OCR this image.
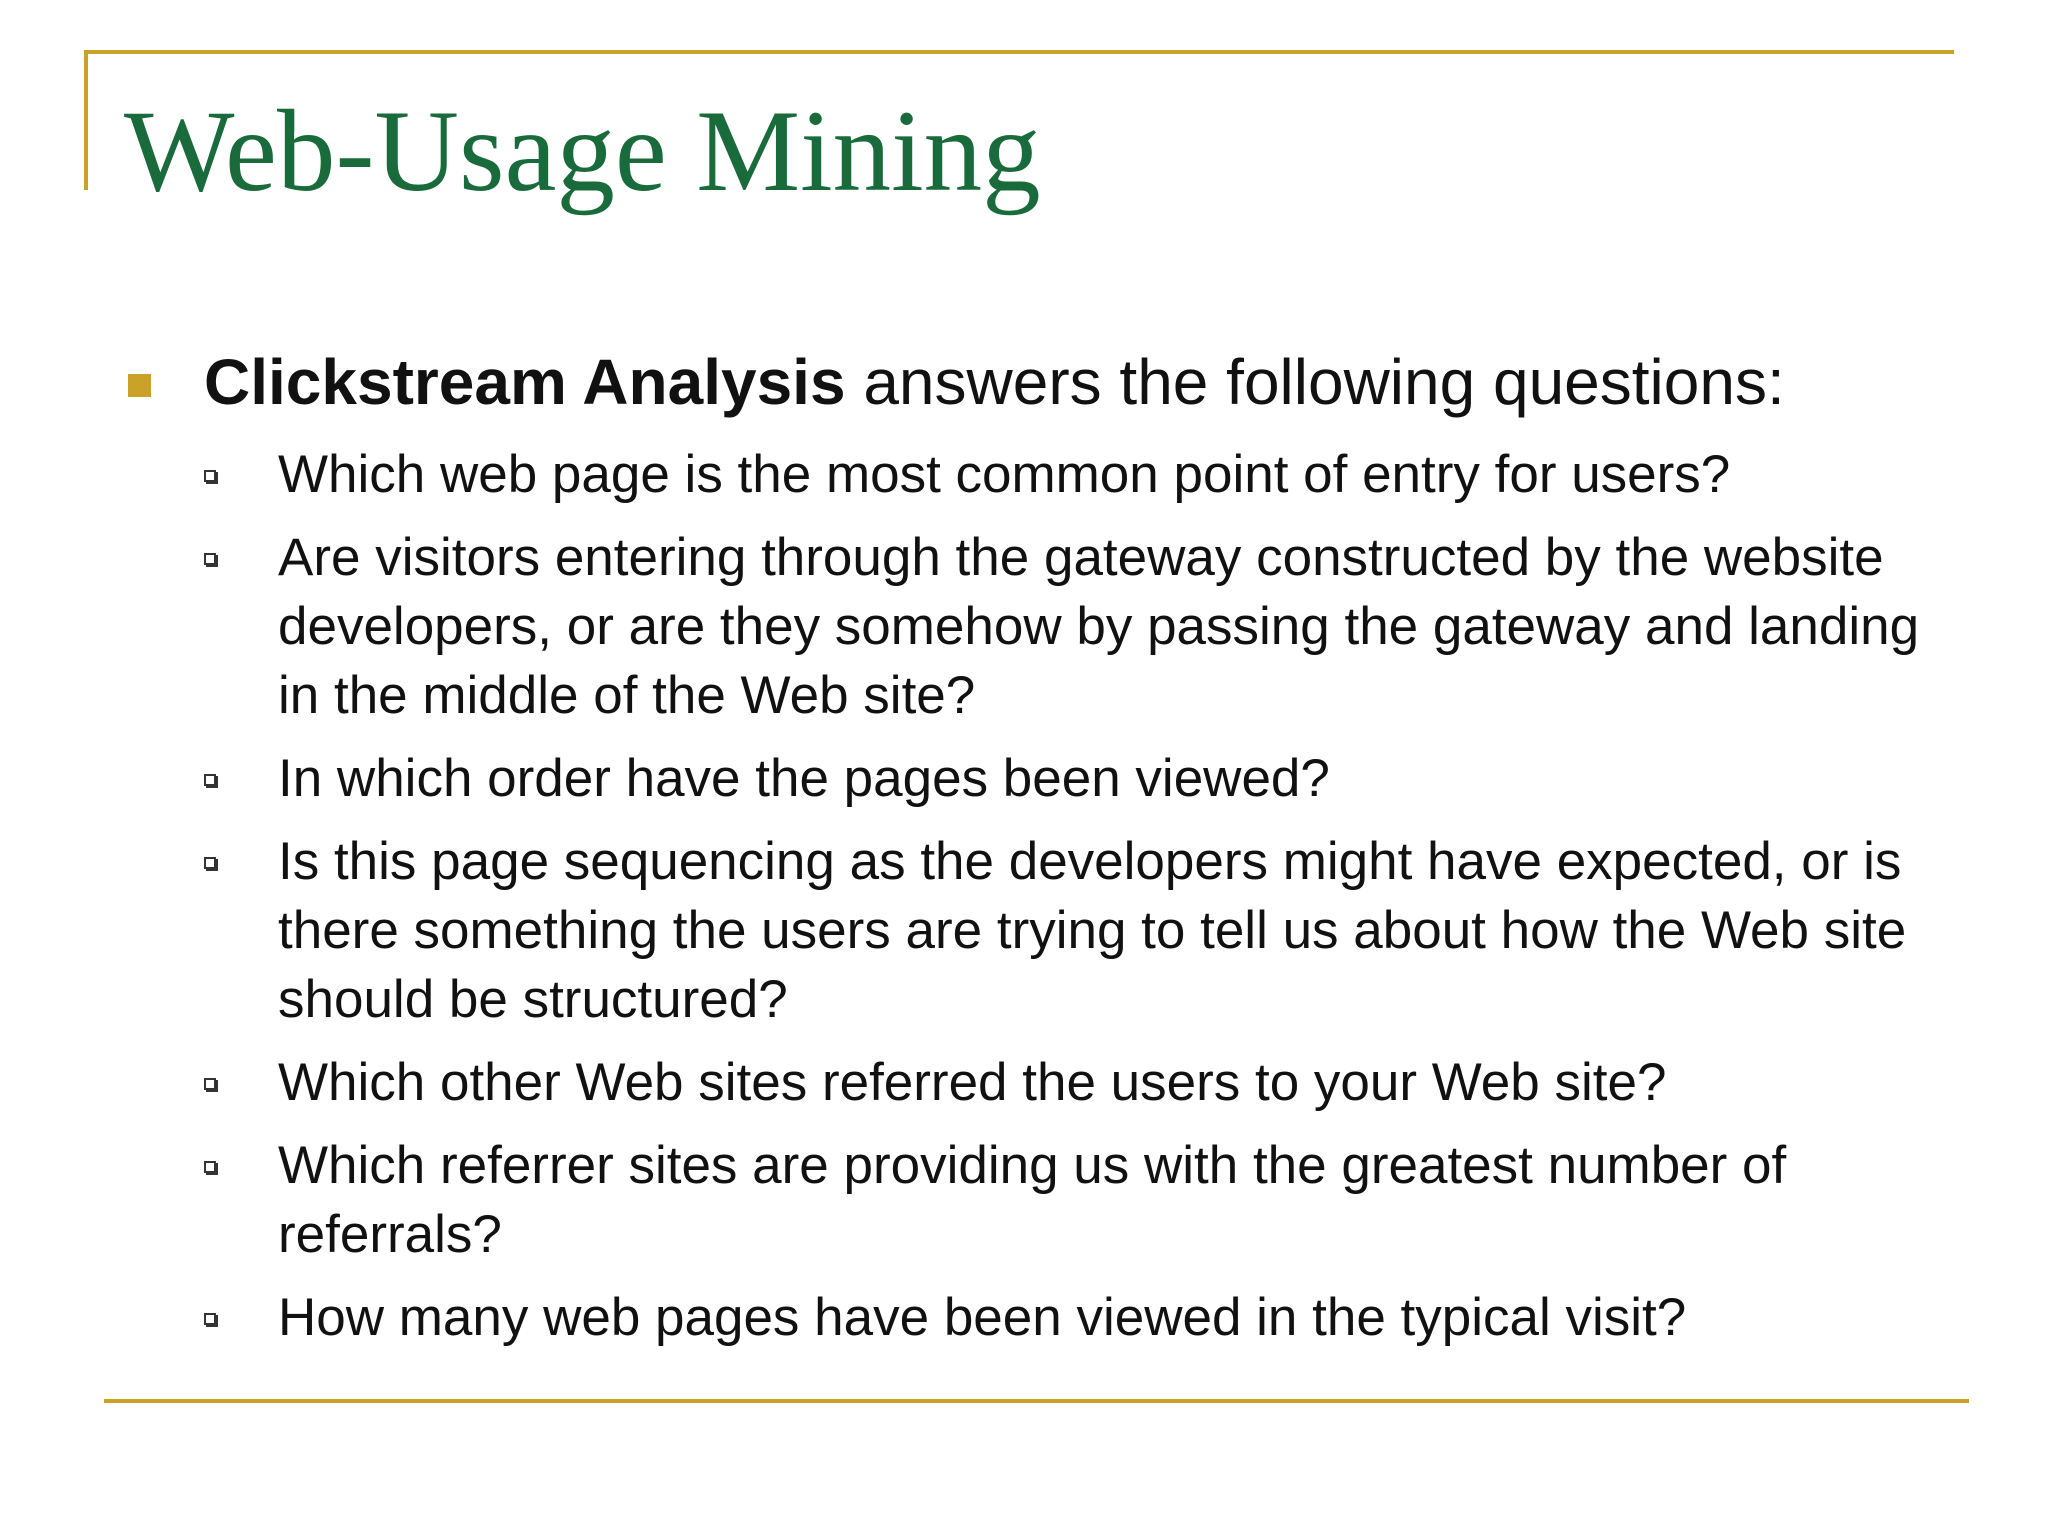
Web-Usage Mining
Clickstream Analysis answers the following questions:
Which web page is the most common point of entry for users?
Are visitors entering through the gateway constructed by the website developers, or are they somehow by passing the gateway and landing in the middle of the Web site?
In which order have the pages been viewed?
Is this page sequencing as the developers might have expected, or is there something the users are trying to tell us about how the Web site should be structured?
Which other Web sites referred the users to your Web site?
Which referrer sites are providing us with the greatest number of referrals?
How many web pages have been viewed in the typical visit?
